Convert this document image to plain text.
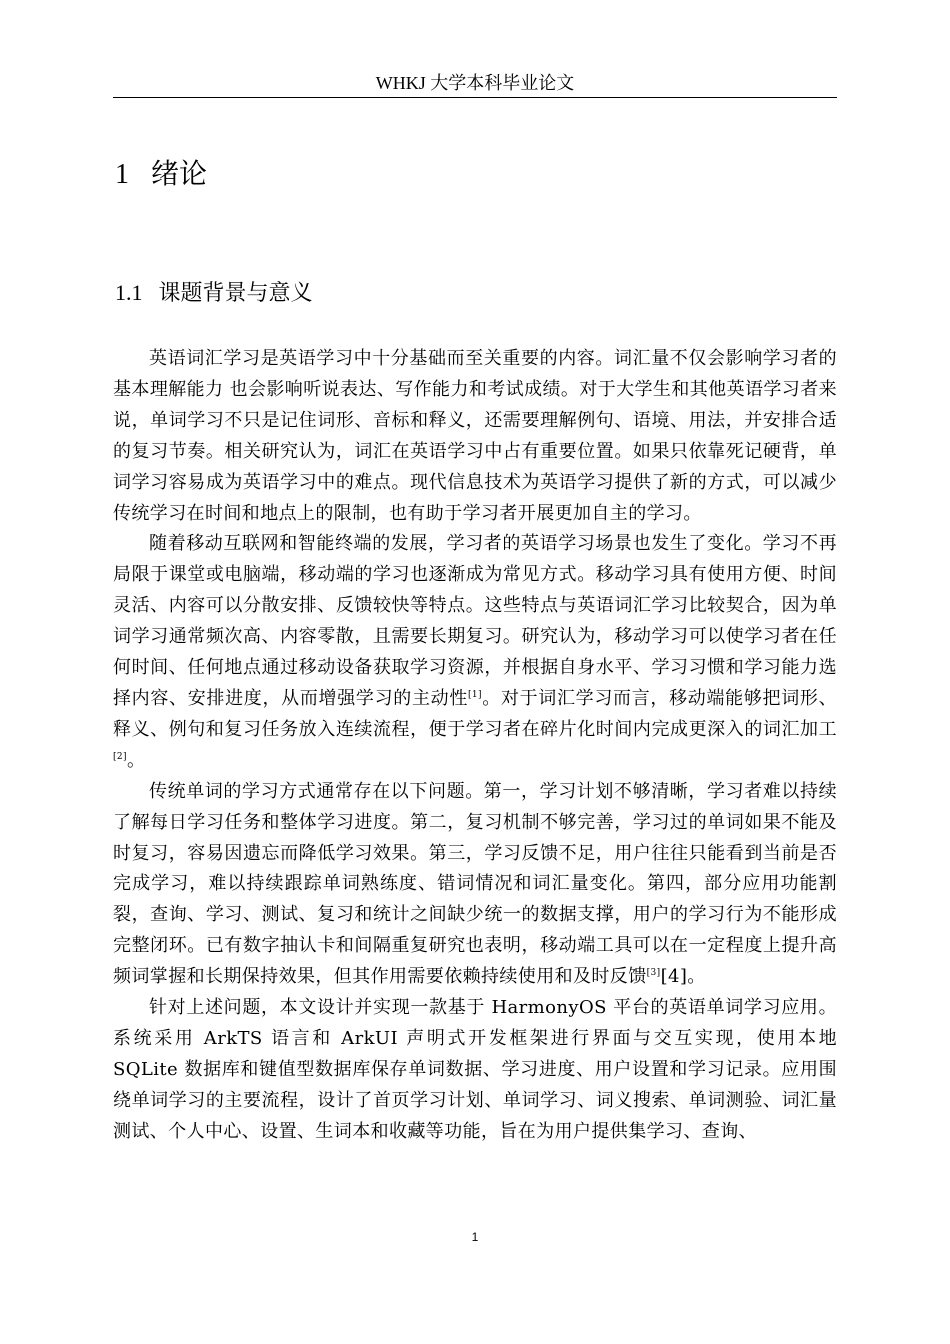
WHKJ 大学本科毕业论文
1 绪论
1.1 课题背景与意义

英语词汇学习是英语学习中十分基础而至关重要的内容。词汇量不仅会影响学习者的基本理解能力 也会影响听说表达、写作能力和考试成绩。对于大学生和其他英语学习者来说，单词学习不只是记住词形、音标和释义，还需要理解例句、语境、用法，并安排合适的复习节奏。相关研究认为，词汇在英语学习中占有重要位置。如果只依靠死记硬背，单词学习容易成为英语学习中的难点。现代信息技术为英语学习提供了新的方式，可以减少传统学习在时间和地点上的限制，也有助于学习者开展更加自主的学习。

随着移动互联网和智能终端的发展，学习者的英语学习场景也发生了变化。学习不再局限于课堂或电脑端，移动端的学习也逐渐成为常见方式。移动学习具有使用方便、时间灵活、内容可以分散安排、反馈较快等特点。这些特点与英语词汇学习比较契合，因为单词学习通常频次高、内容零散，且需要长期复习。研究认为，移动学习可以使学习者在任何时间、任何地点通过移动设备获取学习资源，并根据自身水平、学习习惯和学习能力选择内容、安排进度，从而增强学习的主动性[1]。对于词汇学习而言，移动端能够把词形、释义、例句和复习任务放入连续流程，便于学习者在碎片化时间内完成更深入的词汇加工[2]。

传统单词的学习方式通常存在以下问题。第一，学习计划不够清晰，学习者难以持续了解每日学习任务和整体学习进度。第二，复习机制不够完善，学习过的单词如果不能及时复习，容易因遗忘而降低学习效果。第三，学习反馈不足，用户往往只能看到当前是否完成学习，难以持续跟踪单词熟练度、错词情况和词汇量变化。第四，部分应用功能割裂，查询、学习、测试、复习和统计之间缺少统一的数据支撑，用户的学习行为不能形成完整闭环。已有数字抽认卡和间隔重复研究也表明，移动端工具可以在一定程度上提升高频词掌握和长期保持效果，但其作用需要依赖持续使用和及时反馈[3][4]。

针对上述问题，本文设计并实现一款基于 HarmonyOS 平台的英语单词学习应用。系统采用 ArkTS 语言和 ArkUI 声明式开发框架进行界面与交互实现，使用本地 SQLite 数据库和键值型数据库保存单词数据、学习进度、用户设置和学习记录。应用围绕单词学习的主要流程，设计了首页学习计划、单词学习、词义搜索、单词测验、词汇量测试、个人中心、设置、生词本和收藏等功能，旨在为用户提供集学习、查询、

1
